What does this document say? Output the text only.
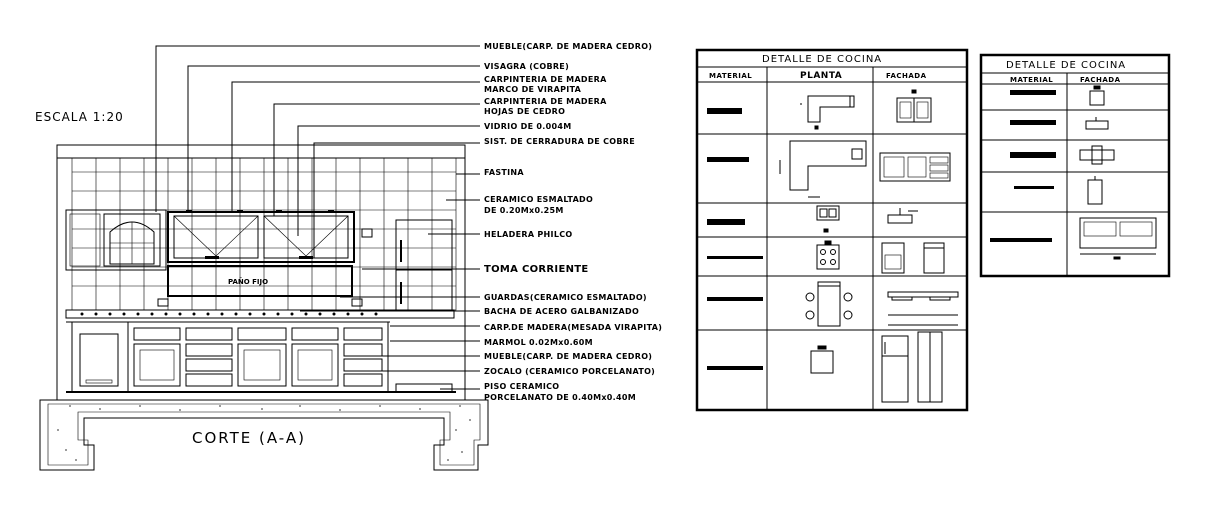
ESCALA 1:20
PAÑO FIJO
CORTE (A-A)
MUEBLE(CARP. DE MADERA CEDRO)
VISAGRA (COBRE)
CARPINTERIA DE MADERA
MARCO DE VIRAPITA
CARPINTERIA DE MADERA
HOJAS DE CEDRO
VIDRIO DE 0.004M
SIST. DE CERRADURA DE COBRE
FASTINA
CERAMICO ESMALTADO
DE 0.20Mx0.25M
HELADERA PHILCO
TOMA CORRIENTE
GUARDAS(CERAMICO ESMALTADO)
BACHA DE ACERO GALBANIZADO
CARP.DE MADERA(MESADA VIRAPITA)
MARMOL 0.02Mx0.60M
MUEBLE(CARP. DE MADERA CEDRO)
ZOCALO (CERAMICO PORCELANATO)
PISO CERAMICO
PORCELANATO DE 0.40Mx0.40M
DETALLE DE COCINA
MATERIAL	PLANTA	FACHADA
DETALLE DE COCINA
MATERIAL	FACHADA
